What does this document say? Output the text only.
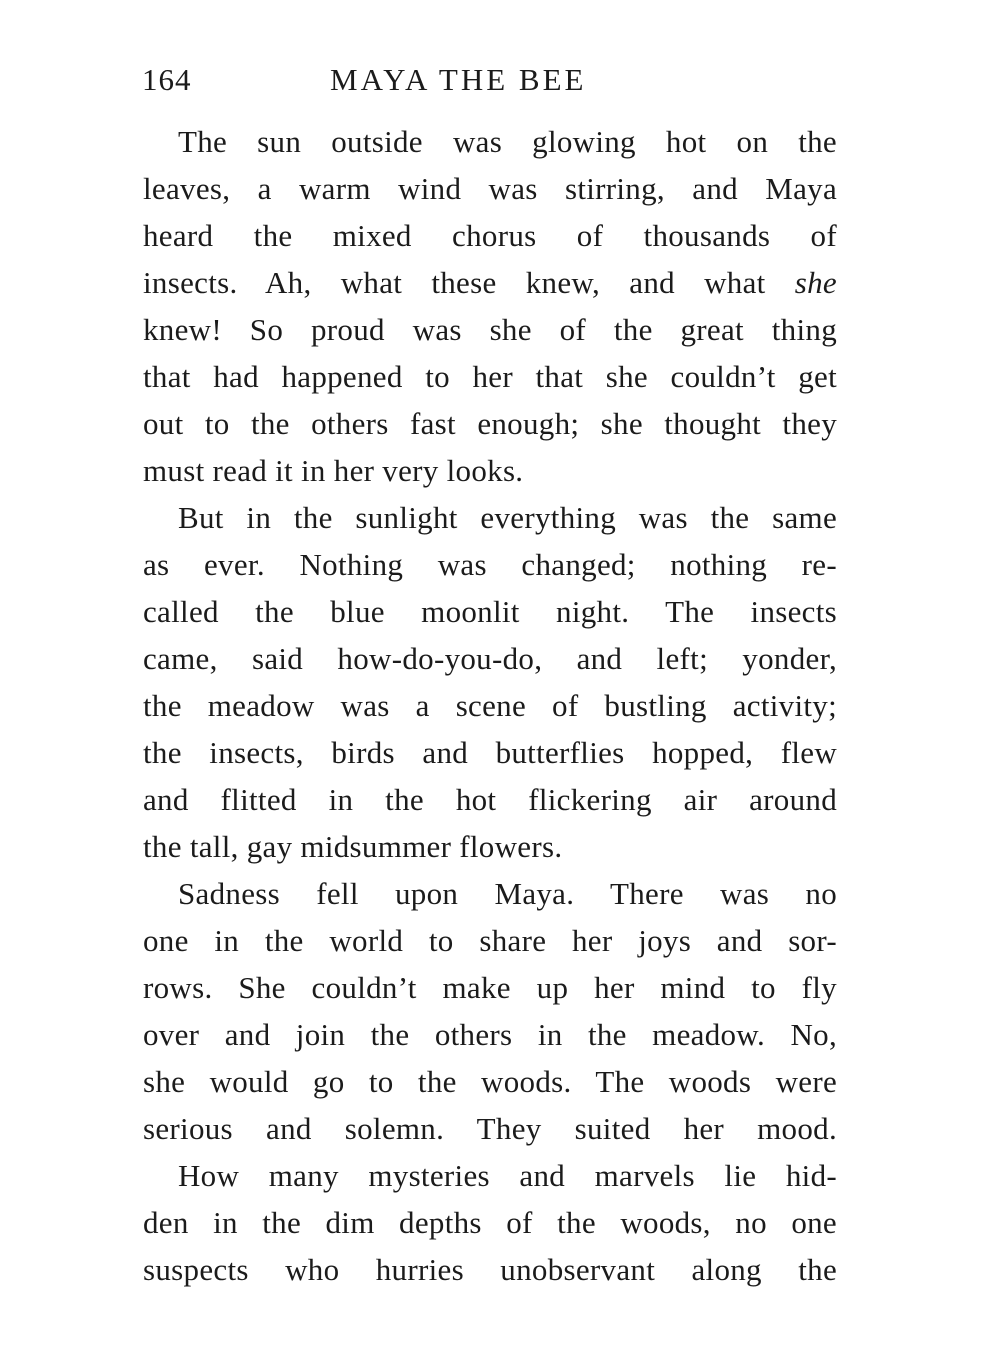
164	MAYA THE BEE
The sun outside was glowing hot on the
leaves, a warm wind was stirring, and Maya
heard the mixed chorus of thousands of
insects. Ah, what these knew, and what she
knew! So proud was she of the great thing
that had happened to her that she couldn’t get
out to the others fast enough; she thought they
must read it in her very looks.
But in the sunlight everything was the same
as ever. Nothing was changed; nothing re-
called the blue moonlit night. The insects
came, said how-do-you-do, and left; yonder,
the meadow was a scene of bustling activity;
the insects, birds and butterflies hopped, flew
and flitted in the hot flickering air around
the tall, gay midsummer flowers.
Sadness fell upon Maya. There was no
one in the world to share her joys and sor-
rows. She couldn’t make up her mind to fly
over and join the others in the meadow. No,
she would go to the woods. The woods were
serious and solemn. They suited her mood.
How many mysteries and marvels lie hid-
den in the dim depths of the woods, no one
suspects who hurries unobservant along the
